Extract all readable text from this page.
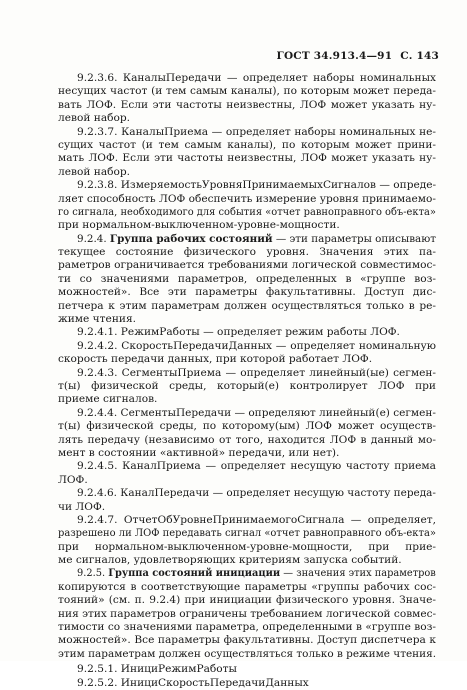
ГОСТ 34.913.4—91 С. 143
9.2.3.6. КаналыПередачи — определяет наборы номинальных
несущих частот (и тем самым каналы), по которым может переда-
вать ЛОФ. Если эти частоты неизвестны, ЛОФ может указать ну-
левой набор.
9.2.3.7. КаналыПриема — определяет наборы номинальных не-
сущих частот (и тем самым каналы), по которым может прини-
мать ЛОФ. Если эти частоты неизвестны, ЛОФ может указать ну-
левой набор.
9.2.3.8. ИзмеряемостьУровняПринимаемыхСигналов — опреде-
ляет способность ЛОФ обеспечить измерение уровня принимаемо-
го сигнала, необходимого для события «отчет равноправного объ-екта»
при нормальном-выключенном-уровне-мощности.
9.2.4. Группа рабочих состояний — эти параметры описывают
текущее состояние физического уровня. Значения этих па-
раметров ограничивается требованиями логической совместимос-
ти со значениями параметров, определенных в «группе воз-
можностей». Все эти параметры факультативны. Доступ дис-
петчера к этим параметрам должен осуществляться только в ре-
жиме чтения.
9.2.4.1. РежимРаботы — определяет режим работы ЛОФ.
9.2.4.2. СкоростьПередачиДанных — определяет номинальную
скорость передачи данных, при которой работает ЛОФ.
9.2.4.3. СегментыПриема — определяет линейный(ые) сегмен-
т(ы) физической среды, который(е) контролирует ЛОФ при
приеме сигналов.
9.2.4.4. СегментыПередачи — определяют линейный(е) сегмен-
т(ы) физической среды, по которому(ым) ЛОФ может осуществ-
лять передачу (независимо от того, находится ЛОФ в данный мо-
мент в состоянии «активной» передачи, или нет).
9.2.4.5. КаналПриема — определяет несущую частоту приема
ЛОФ.
9.2.4.6. КаналПередачи — определяет несущую частоту переда-
чи ЛОФ.
9.2.4.7. ОтчетОбУровнеПринимаемогоСигнала — определяет,
разрешено ли ЛОФ передавать сигнал «отчет равноправного объ-екта»
при нормальном-выключенном-уровне-мощности, при прие-
ме сигналов, удовлетворяющих критериям запуска событий.
9.2.5. Группа состояний инициации — значения этих параметров
копируются в соответствующие параметры «группы рабочих сос-
тояний» (см. п. 9.2.4) при инициации физического уровня. Значе-
ния этих параметров ограничены требованием логической совмес-
тимости со значениями параметра, определенными в «группе воз-
можностей». Все параметры факультативны. Доступ диспетчера к
этим параметрам должен осуществляться только в режиме чтения.
9.2.5.1. ИнициРежимРаботы
9.2.5.2. ИнициСкоростьПередачиДанных
